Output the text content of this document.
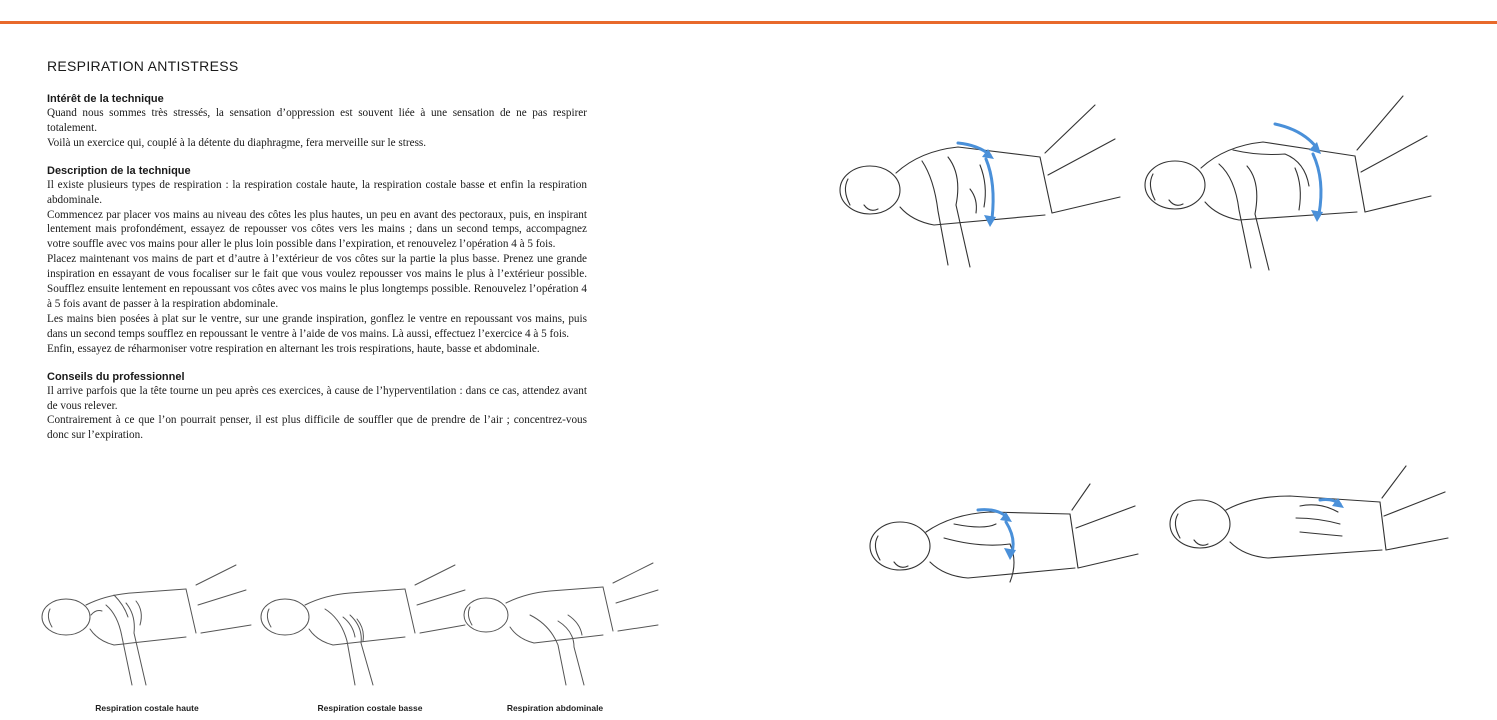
RESPIRATION ANTISTRESS

Intérêt de la technique

Quand nous sommes très stressés, la sensation d’oppression est souvent liée à une sensation de ne pas respirer totalement.

Voilà un exercice qui, couplé à la détente du diaphragme, fera merveille sur le stress.

Description de la technique

Il existe plusieurs types de respiration : la respiration costale haute, la respiration costale basse et enfin la respiration abdominale.

Commencez par placer vos mains au niveau des côtes les plus hautes, un peu en avant des pectoraux, puis, en inspirant lentement mais profondément, essayez de repousser vos côtes vers les mains ; dans un second temps, accompagnez votre souffle avec vos mains pour aller le plus loin possible dans l’expiration, et renouvelez l’opération 4 à 5 fois.

Placez maintenant vos mains de part et d’autre à l’extérieur de vos côtes sur la partie la plus basse. Prenez une grande inspiration en essayant de vous focaliser sur le fait que vous voulez repousser vos mains le plus à l’extérieur possible. Soufflez ensuite lentement en repoussant vos côtes avec vos mains le plus longtemps possible. Renouvelez l’opération 4 à 5 fois avant de passer à la respiration abdominale.

Les mains bien posées à plat sur le ventre, sur une grande inspiration, gonflez le ventre en repoussant vos mains, puis dans un second temps soufflez en repoussant le ventre à l’aide de vos mains. Là aussi, effectuez l’exercice 4 à 5 fois.

Enfin, essayez de réharmoniser votre respiration en alternant les trois respirations, haute, basse et abdominale.

Conseils du professionnel

Il arrive parfois que la tête tourne un peu après ces exercices, à cause de l’hyperventilation : dans ce cas, attendez avant de vous relever.

Contrairement à ce que l’on pourrait penser, il est plus difficile de souffler que de prendre de l’air ; concentrez-vous donc sur l’expiration.

Respiration costale haute	Respiration costale basse	Respiration abdominale
